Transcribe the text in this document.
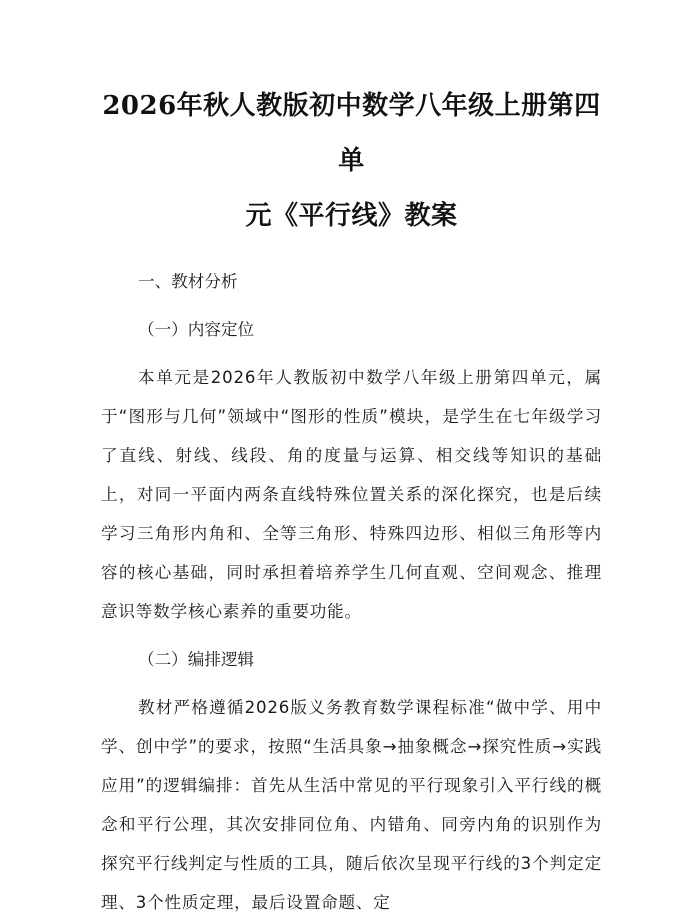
2026年秋人教版初中数学八年级上册第四单
元《平行线》教案

一、教材分析

（一）内容定位

本单元是2026年人教版初中数学八年级上册第四单元，属于“图形与几何”领域中“图形的性质”模块，是学生在七年级学习了直线、射线、线段、角的度量与运算、相交线等知识的基础上，对同一平面内两条直线特殊位置关系的深化探究，也是后续学习三角形内角和、全等三角形、特殊四边形、相似三角形等内容的核心基础，同时承担着培养学生几何直观、空间观念、推理意识等数学核心素养的重要功能。

（二）编排逻辑

教材严格遵循2026版义务教育数学课程标准“做中学、用中学、创中学”的要求，按照“生活具象→抽象概念→探究性质→实践应用”的逻辑编排：首先从生活中常见的平行现象引入平行线的概念和平行公理，其次安排同位角、内错角、同旁内角的识别作为探究平行线判定与性质的工具，随后依次呈现平行线的3个判定定理、3个性质定理，最后设置命题、定
